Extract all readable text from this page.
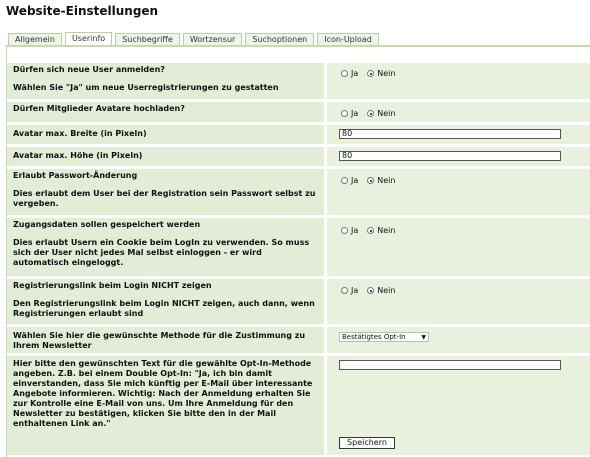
Website-Einstellungen
Allgemein	Userinfo	Suchbegriffe	Wortzensur	Suchoptionen	Icon-Upload
Dürfen sich neue User anmelden?
Wählen Sie "Ja" um neue Userregistrierungen zu gestatten
Ja Nein
Dürfen Mitglieder Avatare hochladen?
Ja Nein
Avatar max. Breite (in Pixeln)	80
Avatar max. Höhe (in Pixeln)	80
Erlaubt Passwort-Änderung
Dies erlaubt dem User bei der Registration sein Passwort selbst zu vergeben.
Ja Nein
Zugangsdaten sollen gespeichert werden
Dies erlaubt Usern ein Cookie beim LogIn zu verwenden. So muss sich der User nicht jedes Mal selbst einloggen - er wird automatisch eingeloggt.
Ja Nein
Registrierungslink beim Login NICHT zeigen
Den Registrierungslink beim Login NICHT zeigen, auch dann, wenn Registrierungen erlaubt sind
Ja Nein
Wählen Sie hier die gewünschte Methode für die Zustimmung zu Ihrem Newsletter
Bestätigtes Opt-In	▼
Hier bitte den gewünschten Text für die gewählte Opt-In-Methode angeben. Z.B. bei einem Double Opt-In: "Ja, ich bin damit einverstanden, dass Sie mich künftig per E-Mail über interessante Angebote informieren. Wichtig: Nach der Anmeldung erhalten Sie zur Kontrolle eine E-Mail von uns. Um Ihre Anmeldung für den Newsletter zu bestätigen, klicken Sie bitte den in der Mail enthaltenen Link an."
Speichern
